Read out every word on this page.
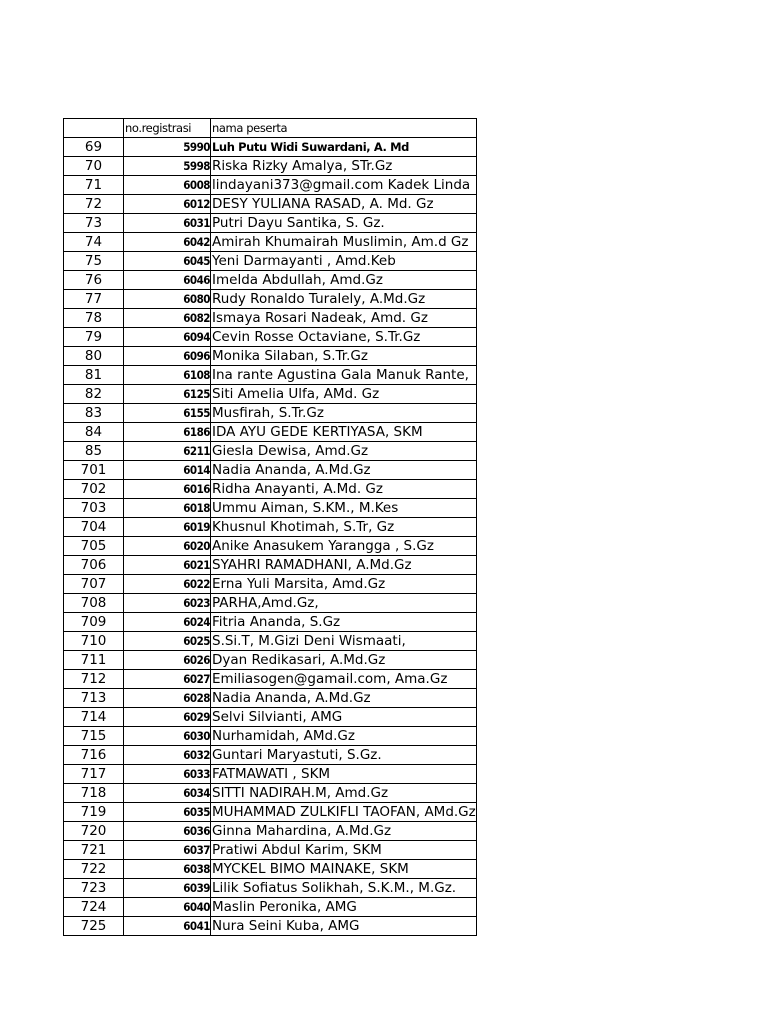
	no.registrasi	nama peserta
69	5990	Luh Putu Widi Suwardani, A. Md
70	5998	Riska Rizky Amalya, STr.Gz
71	6008	lindayani373@gmail.com Kadek Linda
72	6012	DESY YULIANA RASAD, A. Md. Gz
73	6031	Putri Dayu Santika, S. Gz.
74	6042	Amirah Khumairah Muslimin, Am.d Gz
75	6045	Yeni Darmayanti , Amd.Keb
76	6046	Imelda Abdullah, Amd.Gz
77	6080	Rudy Ronaldo Turalely, A.Md.Gz
78	6082	Ismaya Rosari Nadeak, Amd. Gz
79	6094	Cevin Rosse Octaviane, S.Tr.Gz
80	6096	Monika Silaban, S.Tr.Gz
81	6108	Ina rante Agustina Gala Manuk Rante,
82	6125	Siti Amelia Ulfa, AMd. Gz
83	6155	Musfirah, S.Tr.Gz
84	6186	IDA AYU GEDE KERTIYASA, SKM
85	6211	Giesla Dewisa, Amd.Gz
701	6014	Nadia Ananda, A.Md.Gz
702	6016	Ridha Anayanti, A.Md. Gz
703	6018	Ummu Aiman, S.KM., M.Kes
704	6019	Khusnul Khotimah, S.Tr, Gz
705	6020	Anike Anasukem Yarangga , S.Gz
706	6021	SYAHRI RAMADHANI, A.Md.Gz
707	6022	Erna Yuli Marsita, Amd.Gz
708	6023	PARHA,Amd.Gz,
709	6024	Fitria Ananda, S.Gz
710	6025	S.Si.T, M.Gizi Deni Wismaati,
711	6026	Dyan Redikasari, A.Md.Gz
712	6027	Emiliasogen@gamail.com, Ama.Gz
713	6028	Nadia Ananda, A.Md.Gz
714	6029	Selvi Silvianti, AMG
715	6030	Nurhamidah, AMd.Gz
716	6032	Guntari Maryastuti, S.Gz.
717	6033	FATMAWATI , SKM
718	6034	SITTI NADIRAH.M, Amd.Gz
719	6035	MUHAMMAD ZULKIFLI TAOFAN, AMd.Gz
720	6036	Ginna Mahardina, A.Md.Gz
721	6037	Pratiwi Abdul Karim, SKM
722	6038	MYCKEL BIMO MAINAKE, SKM
723	6039	Lilik Sofiatus Solikhah, S.K.M., M.Gz.
724	6040	Maslin Peronika, AMG
725	6041	Nura Seini Kuba, AMG
